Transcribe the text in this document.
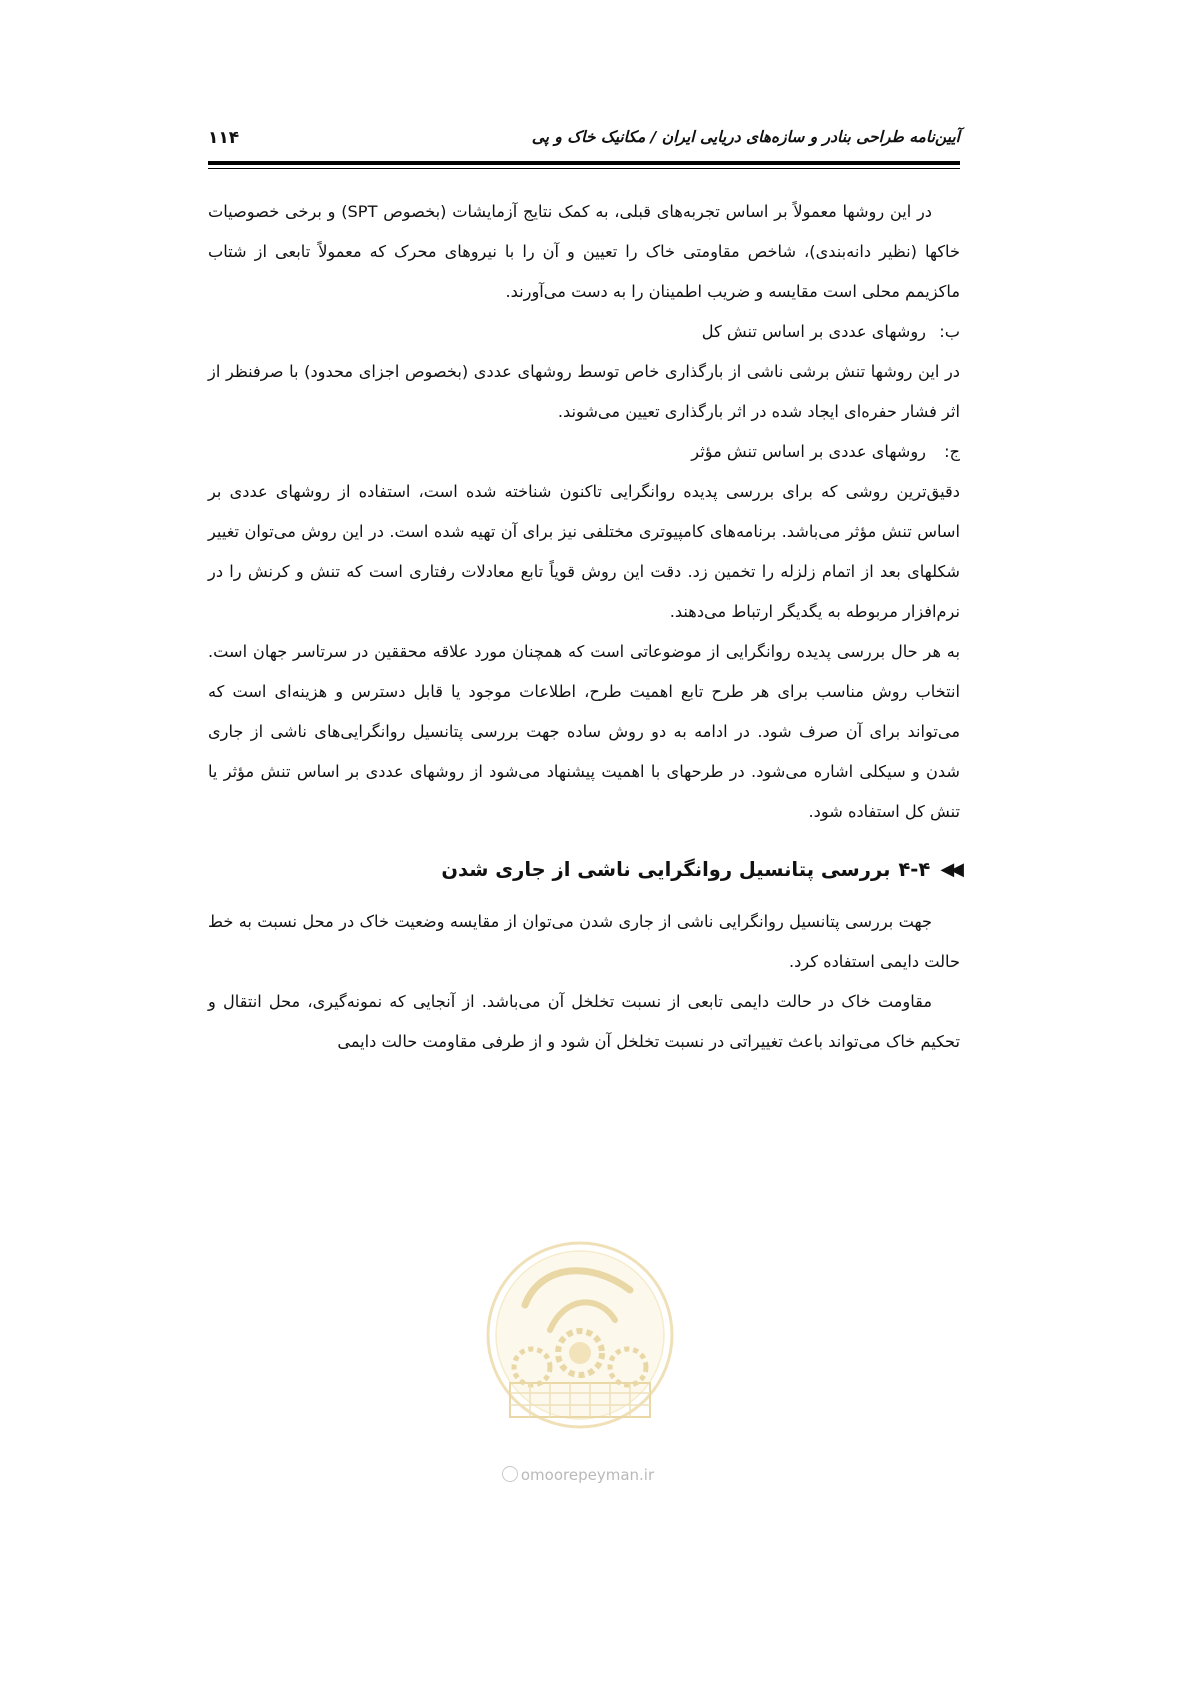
آیین‌نامه طراحی بنادر و سازه‌های دریایی ایران / مکانیک خاک و پی
۱۱۴

در این روشها معمولاً بر اساس تجربه‌های قبلی، به کمک نتایج آزمایشات (بخصوص SPT) و برخی خصوصیات خاکها (نظیر دانه‌بندی)، شاخص مقاومتی خاک را تعیین و آن را با نیروهای محرک که معمولاً تابعی از شتاب ماکزیمم محلی است مقایسه و ضریب اطمینان را به دست می‌آورند.

ب:
روشهای عددی بر اساس تنش کل

در این روشها تنش برشی ناشی از بارگذاری خاص توسط روشهای عددی (بخصوص اجزای محدود) با صرفنظر از اثر فشار حفره‌ای ایجاد شده در اثر بارگذاری تعیین می‌شوند.

ج:
روشهای عددی بر اساس تنش مؤثر

دقیق‌ترین روشی که برای بررسی پدیده روانگرایی تاکنون شناخته شده است، استفاده از روشهای عددی بر اساس تنش مؤثر می‌باشد. برنامه‌های کامپیوتری مختلفی نیز برای آن تهیه شده است. در این روش می‌توان تغییر شکلهای بعد از اتمام زلزله را تخمین زد. دقت این روش قویاً تابع معادلات رفتاری است که تنش و کرنش را در نرم‌افزار مربوطه به یگدیگر ارتباط می‌دهند.

به هر حال بررسی پدیده روانگرایی از موضوعاتی است که همچنان مورد علاقه محققین در سرتاسر جهان است. انتخاب روش مناسب برای هر طرح تابع اهمیت طرح، اطلاعات موجود یا قابل دسترس و هزینه‌ای است که می‌تواند برای آن صرف شود. در ادامه به دو روش ساده جهت بررسی پتانسیل روانگرایی‌های ناشی از جاری شدن و سیکلی اشاره می‌شود. در طرحهای با اهمیت پیشنهاد می‌شود از روشهای عددی بر اساس تنش مؤثر یا تنش کل استفاده شود.

◀◀
۴-۴
بررسی پتانسیل روانگرایی ناشی از جاری شدن

جهت بررسی پتانسیل روانگرایی ناشی از جاری شدن می‌توان از مقایسه وضعیت خاک در محل نسبت به خط حالت دایمی استفاده کرد.

مقاومت خاک در حالت دایمی تابعی از نسبت تخلخل آن می‌باشد. از آنجایی که نمونه‌گیری، محل انتقال و تحکیم خاک می‌تواند باعث تغییراتی در نسبت تخلخل آن شود و از طرفی مقاومت حالت دایمی

omoorepeyman.ir
